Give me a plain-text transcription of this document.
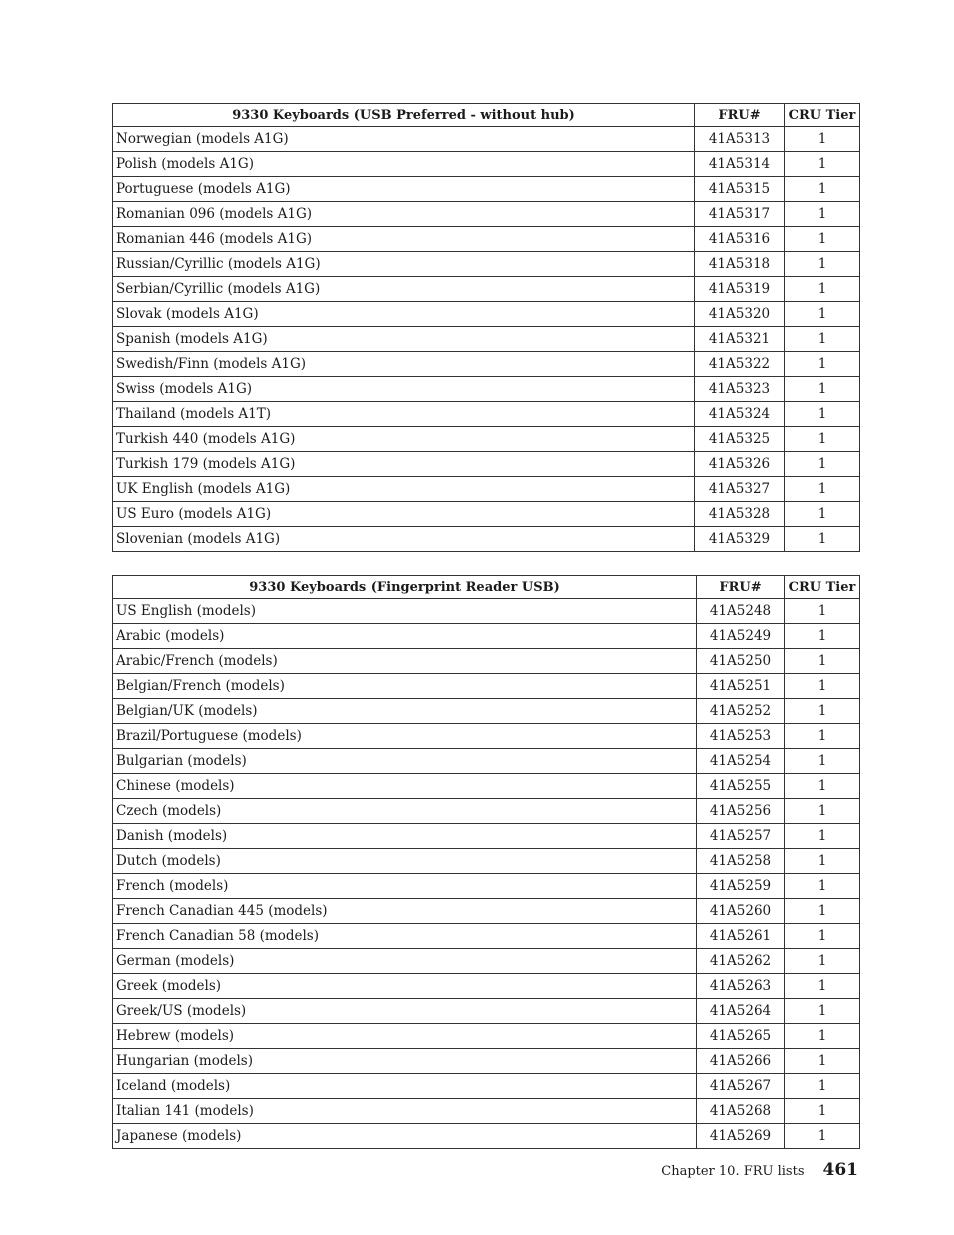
9330 Keyboards (USB Preferred - without hub)	FRU#	CRU Tier
Norwegian (models A1G)	41A5313	1
Polish (models A1G)	41A5314	1
Portuguese (models A1G)	41A5315	1
Romanian 096 (models A1G)	41A5317	1
Romanian 446 (models A1G)	41A5316	1
Russian/Cyrillic (models A1G)	41A5318	1
Serbian/Cyrillic (models A1G)	41A5319	1
Slovak (models A1G)	41A5320	1
Spanish (models A1G)	41A5321	1
Swedish/Finn (models A1G)	41A5322	1
Swiss (models A1G)	41A5323	1
Thailand (models A1T)	41A5324	1
Turkish 440 (models A1G)	41A5325	1
Turkish 179 (models A1G)	41A5326	1
UK English (models A1G)	41A5327	1
US Euro (models A1G)	41A5328	1
Slovenian (models A1G)	41A5329	1
9330 Keyboards (Fingerprint Reader USB)	FRU#	CRU Tier
US English (models)	41A5248	1
Arabic (models)	41A5249	1
Arabic/French (models)	41A5250	1
Belgian/French (models)	41A5251	1
Belgian/UK (models)	41A5252	1
Brazil/Portuguese (models)	41A5253	1
Bulgarian (models)	41A5254	1
Chinese (models)	41A5255	1
Czech (models)	41A5256	1
Danish (models)	41A5257	1
Dutch (models)	41A5258	1
French (models)	41A5259	1
French Canadian 445 (models)	41A5260	1
French Canadian 58 (models)	41A5261	1
German (models)	41A5262	1
Greek (models)	41A5263	1
Greek/US (models)	41A5264	1
Hebrew (models)	41A5265	1
Hungarian (models)	41A5266	1
Iceland (models)	41A5267	1
Italian 141 (models)	41A5268	1
Japanese (models)	41A5269	1
Chapter 10. FRU lists 461
